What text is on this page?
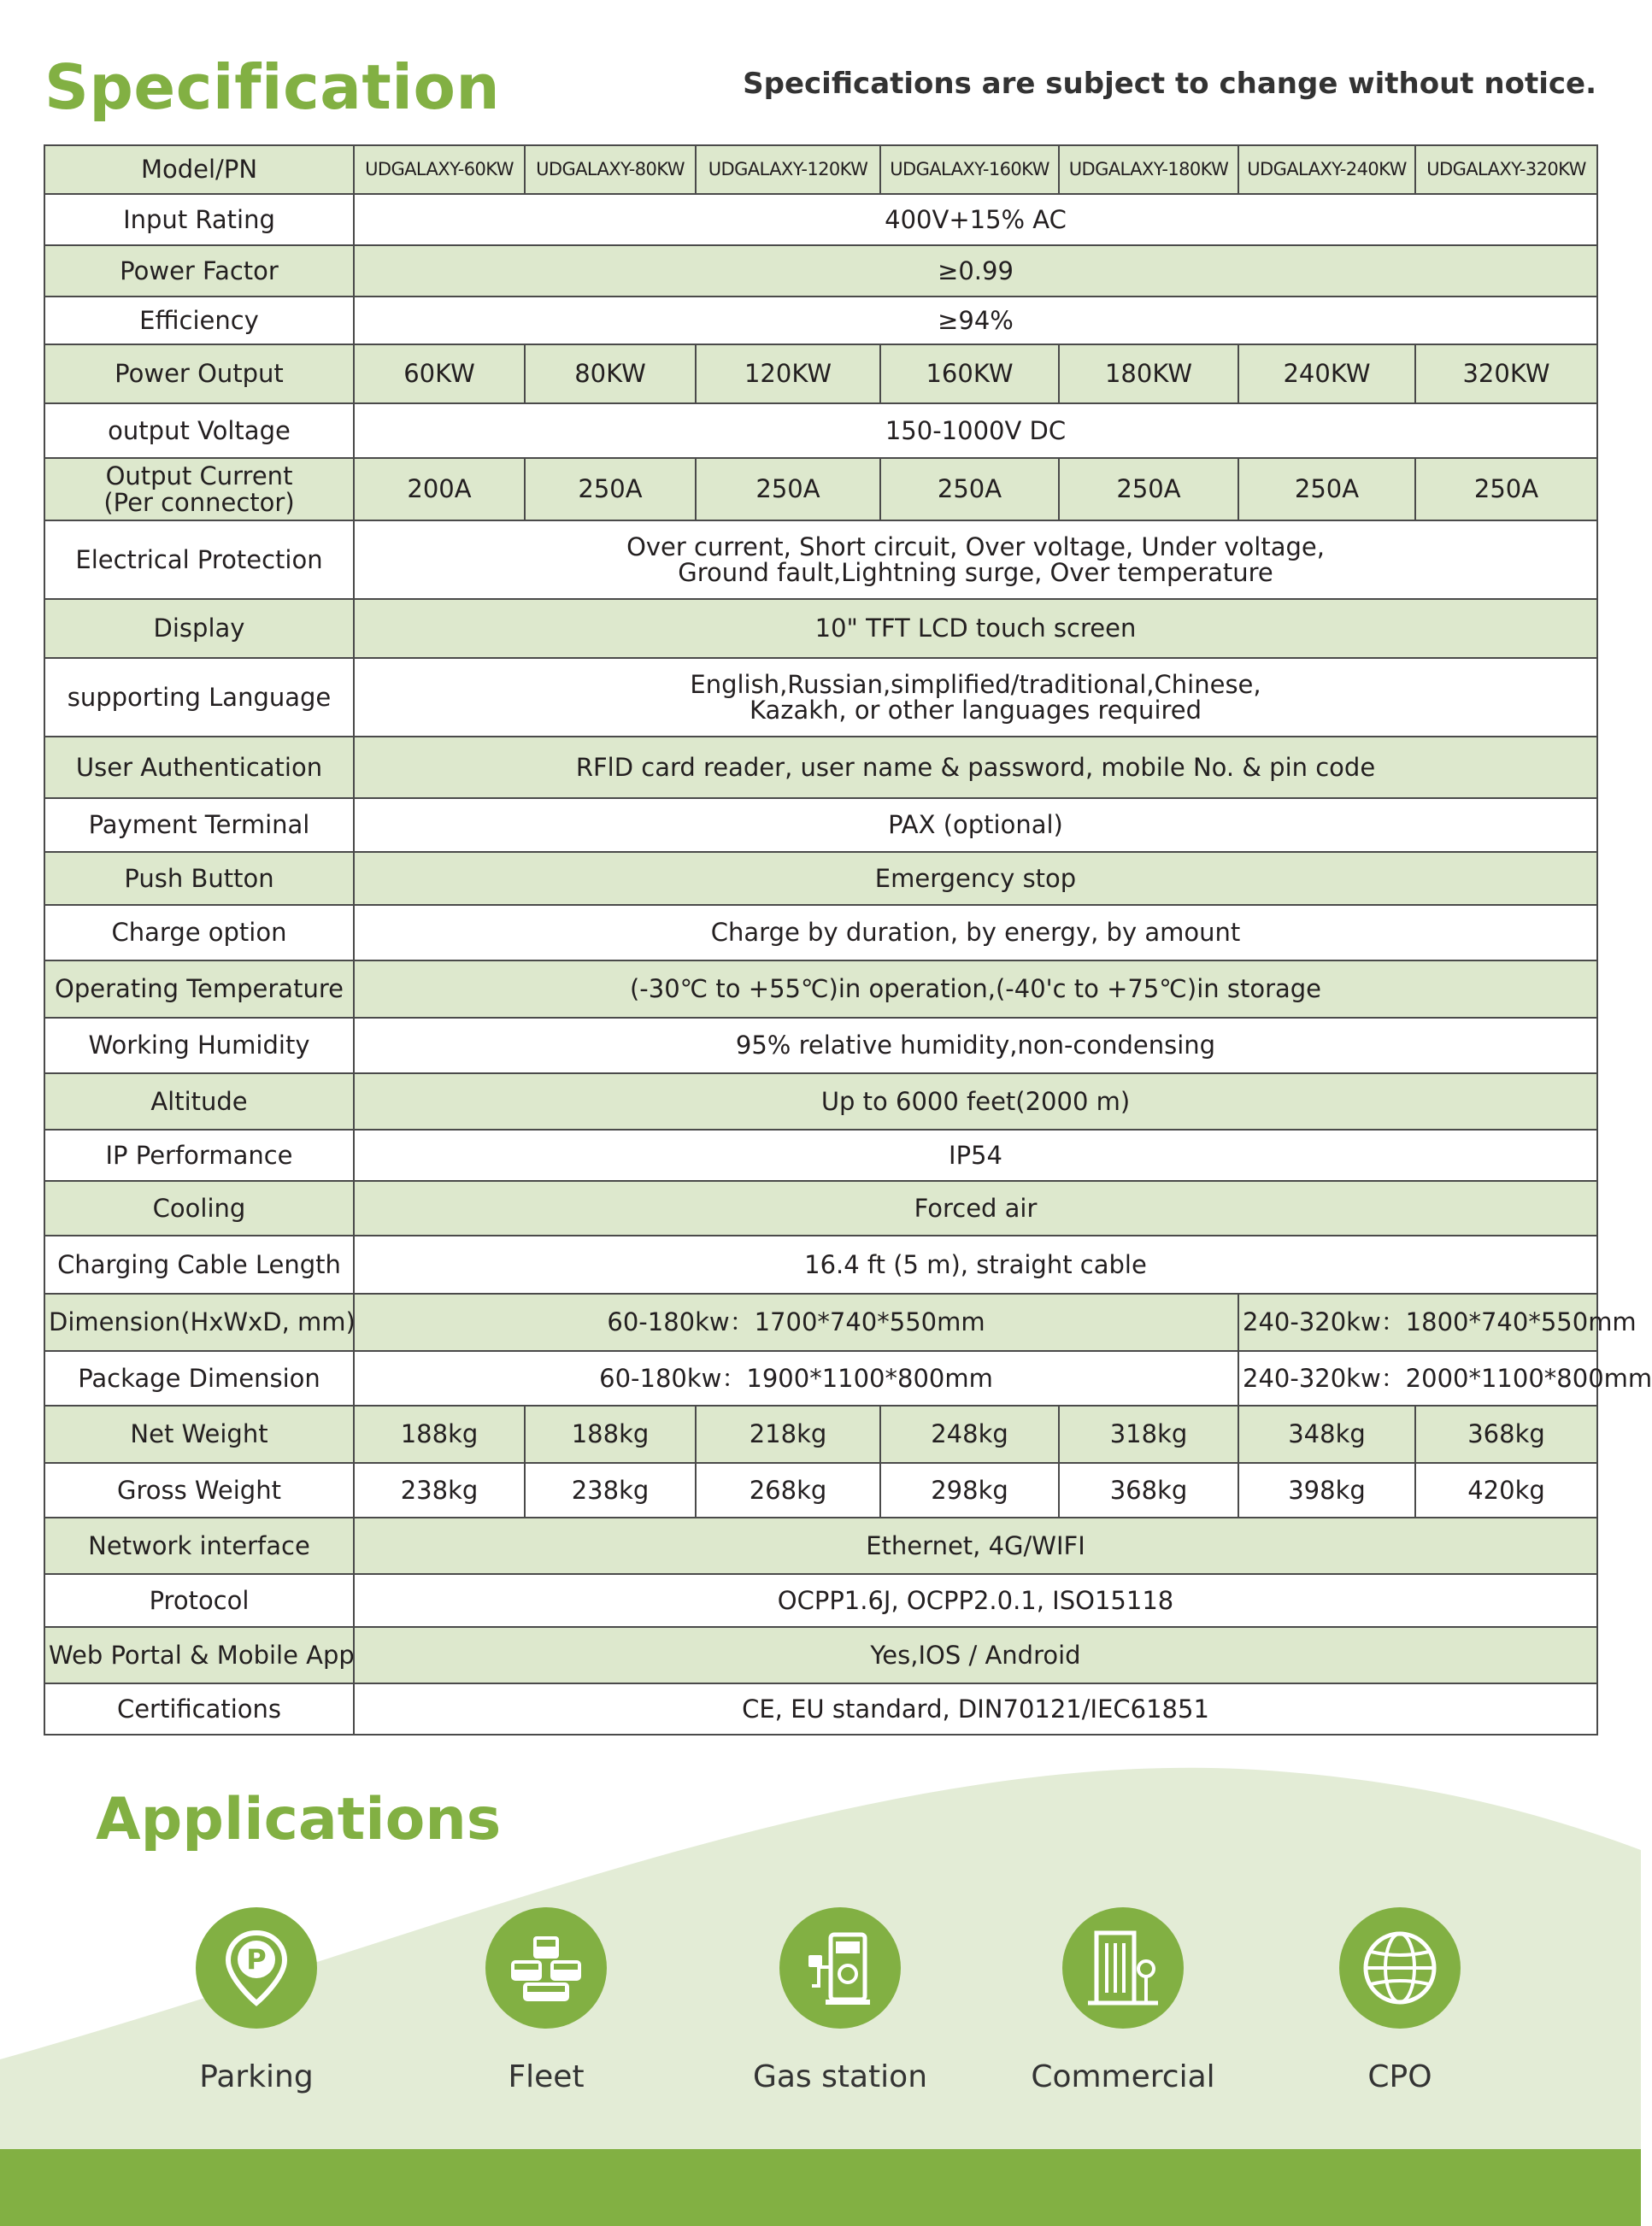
Specification	Specifications are subject to change without notice.
Model/PN	UDGALAXY-60KW	UDGALAXY-80KW	UDGALAXY-120KW	UDGALAXY-160KW	UDGALAXY-180KW	UDGALAXY-240KW	UDGALAXY-320KW
Input Rating	400V+15% AC						
Power Factor	≥0.99						
Efficiency	≥94%						
Power Output	60KW	80KW	120KW	160KW	180KW	240KW	320KW
output Voltage	150-1000V DC						
Output Current
(Per connector)	200A	250A	250A	250A	250A	250A	250A
Electrical Protection	Over current, Short circuit, Over voltage, Under voltage,
Ground fault,Lightning surge, Over temperature						
Display	10" TFT LCD touch screen						
supporting Language	English,Russian,simplified/traditional,Chinese,
Kazakh, or other languages required						
User Authentication	RFlD card reader, user name & password, mobile No. & pin code						
Payment Terminal	PAX (optional)						
Push Button	Emergency stop						
Charge option	Charge by duration, by energy, by amount						
Operating Temperature	(-30℃ to +55℃)in operation,(-40'c to +75℃)in storage						
Working Humidity	95% relative humidity,non-condensing						
Altitude	Up to 6000 feet(2000 m)						
IP Performance	IP54						
Cooling	Forced air						
Charging Cable Length	16.4 ft (5 m), straight cable						
Dimension(HxWxD, mm)	60-180kw：1700*740*550mm					240-320kw：1800*740*550mm	
Package Dimension	60-180kw：1900*1100*800mm					240-320kw：2000*1100*800mm	
Net Weight	188kg	188kg	218kg	248kg	318kg	348kg	368kg
Gross Weight	238kg	238kg	268kg	298kg	368kg	398kg	420kg
Network interface	Ethernet, 4G/WIFI						
Protocol	OCPP1.6J, OCPP2.0.1, ISO15118						
Web Portal & Mobile App	Yes,IOS / Android						
Certifications	CE, EU standard, DIN70121/IEC61851						
Applications
P
Parking	Fleet	Gas station	Commercial	CPO
